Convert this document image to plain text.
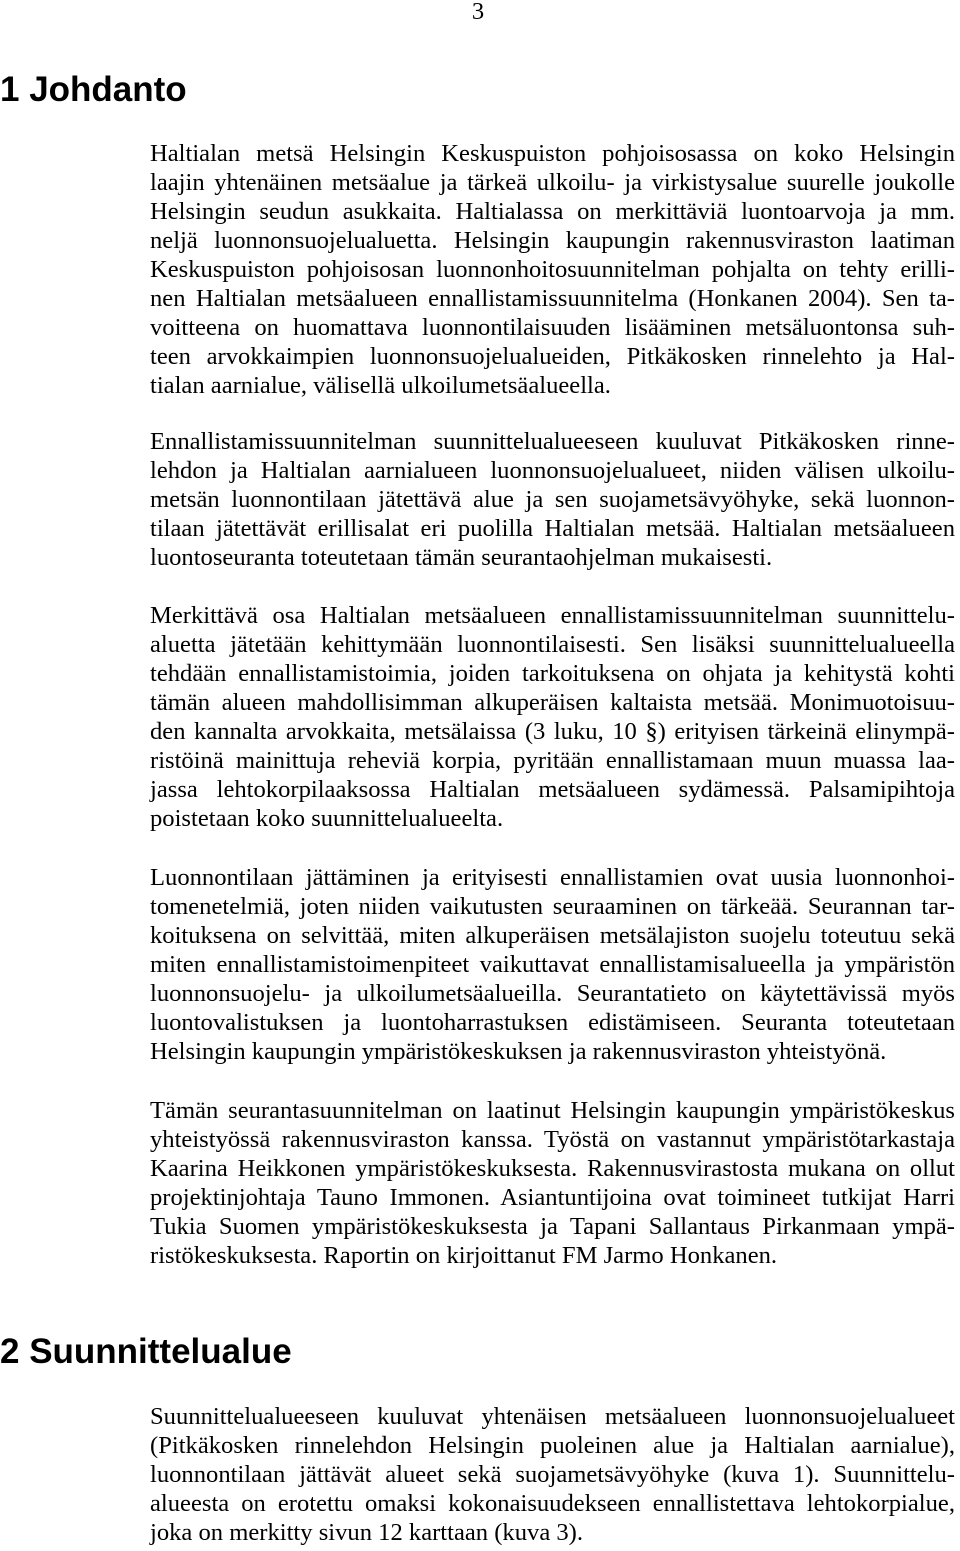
3
1 Johdanto
Haltialan metsä Helsingin Keskuspuiston pohjoisosassa on koko Helsingin
laajin yhtenäinen metsäalue ja tärkeä ulkoilu- ja virkistysalue suurelle joukolle
Helsingin seudun asukkaita. Haltialassa on merkittäviä luontoarvoja ja mm.
neljä luonnonsuojelualuetta. Helsingin kaupungin rakennusviraston laatiman
Keskuspuiston pohjoisosan luonnonhoitosuunnitelman pohjalta on tehty erilli-
nen Haltialan metsäalueen ennallistamissuunnitelma (Honkanen 2004). Sen ta-
voitteena on huomattava luonnontilaisuuden lisääminen metsäluontonsa suh-
teen arvokkaimpien luonnonsuojelualueiden, Pitkäkosken rinnelehto ja Hal-
tialan aarnialue, välisellä ulkoilumetsäalueella.
Ennallistamissuunnitelman suunnittelualueeseen kuuluvat Pitkäkosken rinne-
lehdon ja Haltialan aarnialueen luonnonsuojelualueet, niiden välisen ulkoilu-
metsän luonnontilaan jätettävä alue ja sen suojametsävyöhyke, sekä luonnon-
tilaan jätettävät erillisalat eri puolilla Haltialan metsää. Haltialan metsäalueen
luontoseuranta toteutetaan tämän seurantaohjelman mukaisesti.
Merkittävä osa Haltialan metsäalueen ennallistamissuunnitelman suunnittelu-
aluetta jätetään kehittymään luonnontilaisesti. Sen lisäksi suunnittelualueella
tehdään ennallistamistoimia, joiden tarkoituksena on ohjata ja kehitystä kohti
tämän alueen mahdollisimman alkuperäisen kaltaista metsää. Monimuotoisuu-
den kannalta arvokkaita, metsälaissa (3 luku, 10 §) erityisen tärkeinä elinympä-
ristöinä mainittuja reheviä korpia, pyritään ennallistamaan muun muassa laa-
jassa lehtokorpilaaksossa Haltialan metsäalueen sydämessä. Palsamipihtoja
poistetaan koko suunnittelualueelta.
Luonnontilaan jättäminen ja erityisesti ennallistamien ovat uusia luonnonhoi-
tomenetelmiä, joten niiden vaikutusten seuraaminen on tärkeää. Seurannan tar-
koituksena on selvittää, miten alkuperäisen metsälajiston suojelu toteutuu sekä
miten ennallistamistoimenpiteet vaikuttavat ennallistamisalueella ja ympäristön
luonnonsuojelu- ja ulkoilumetsäalueilla. Seurantatieto on käytettävissä myös
luontovalistuksen ja luontoharrastuksen edistämiseen. Seuranta toteutetaan
Helsingin kaupungin ympäristökeskuksen ja rakennusviraston yhteistyönä.
Tämän seurantasuunnitelman on laatinut Helsingin kaupungin ympäristökeskus
yhteistyössä rakennusviraston kanssa. Työstä on vastannut ympäristötarkastaja
Kaarina Heikkonen ympäristökeskuksesta. Rakennusvirastosta mukana on ollut
projektinjohtaja Tauno Immonen. Asiantuntijoina ovat toimineet tutkijat Harri
Tukia Suomen ympäristökeskuksesta ja Tapani Sallantaus Pirkanmaan ympä-
ristökeskuksesta. Raportin on kirjoittanut FM Jarmo Honkanen.
2 Suunnittelualue
Suunnittelualueeseen kuuluvat yhtenäisen metsäalueen luonnonsuojelualueet
(Pitkäkosken rinnelehdon Helsingin puoleinen alue ja Haltialan aarnialue),
luonnontilaan jättävät alueet sekä suojametsävyöhyke (kuva 1). Suunnittelu-
alueesta on erotettu omaksi kokonaisuudekseen ennallistettava lehtokorpialue,
joka on merkitty sivun 12 karttaan (kuva 3).
